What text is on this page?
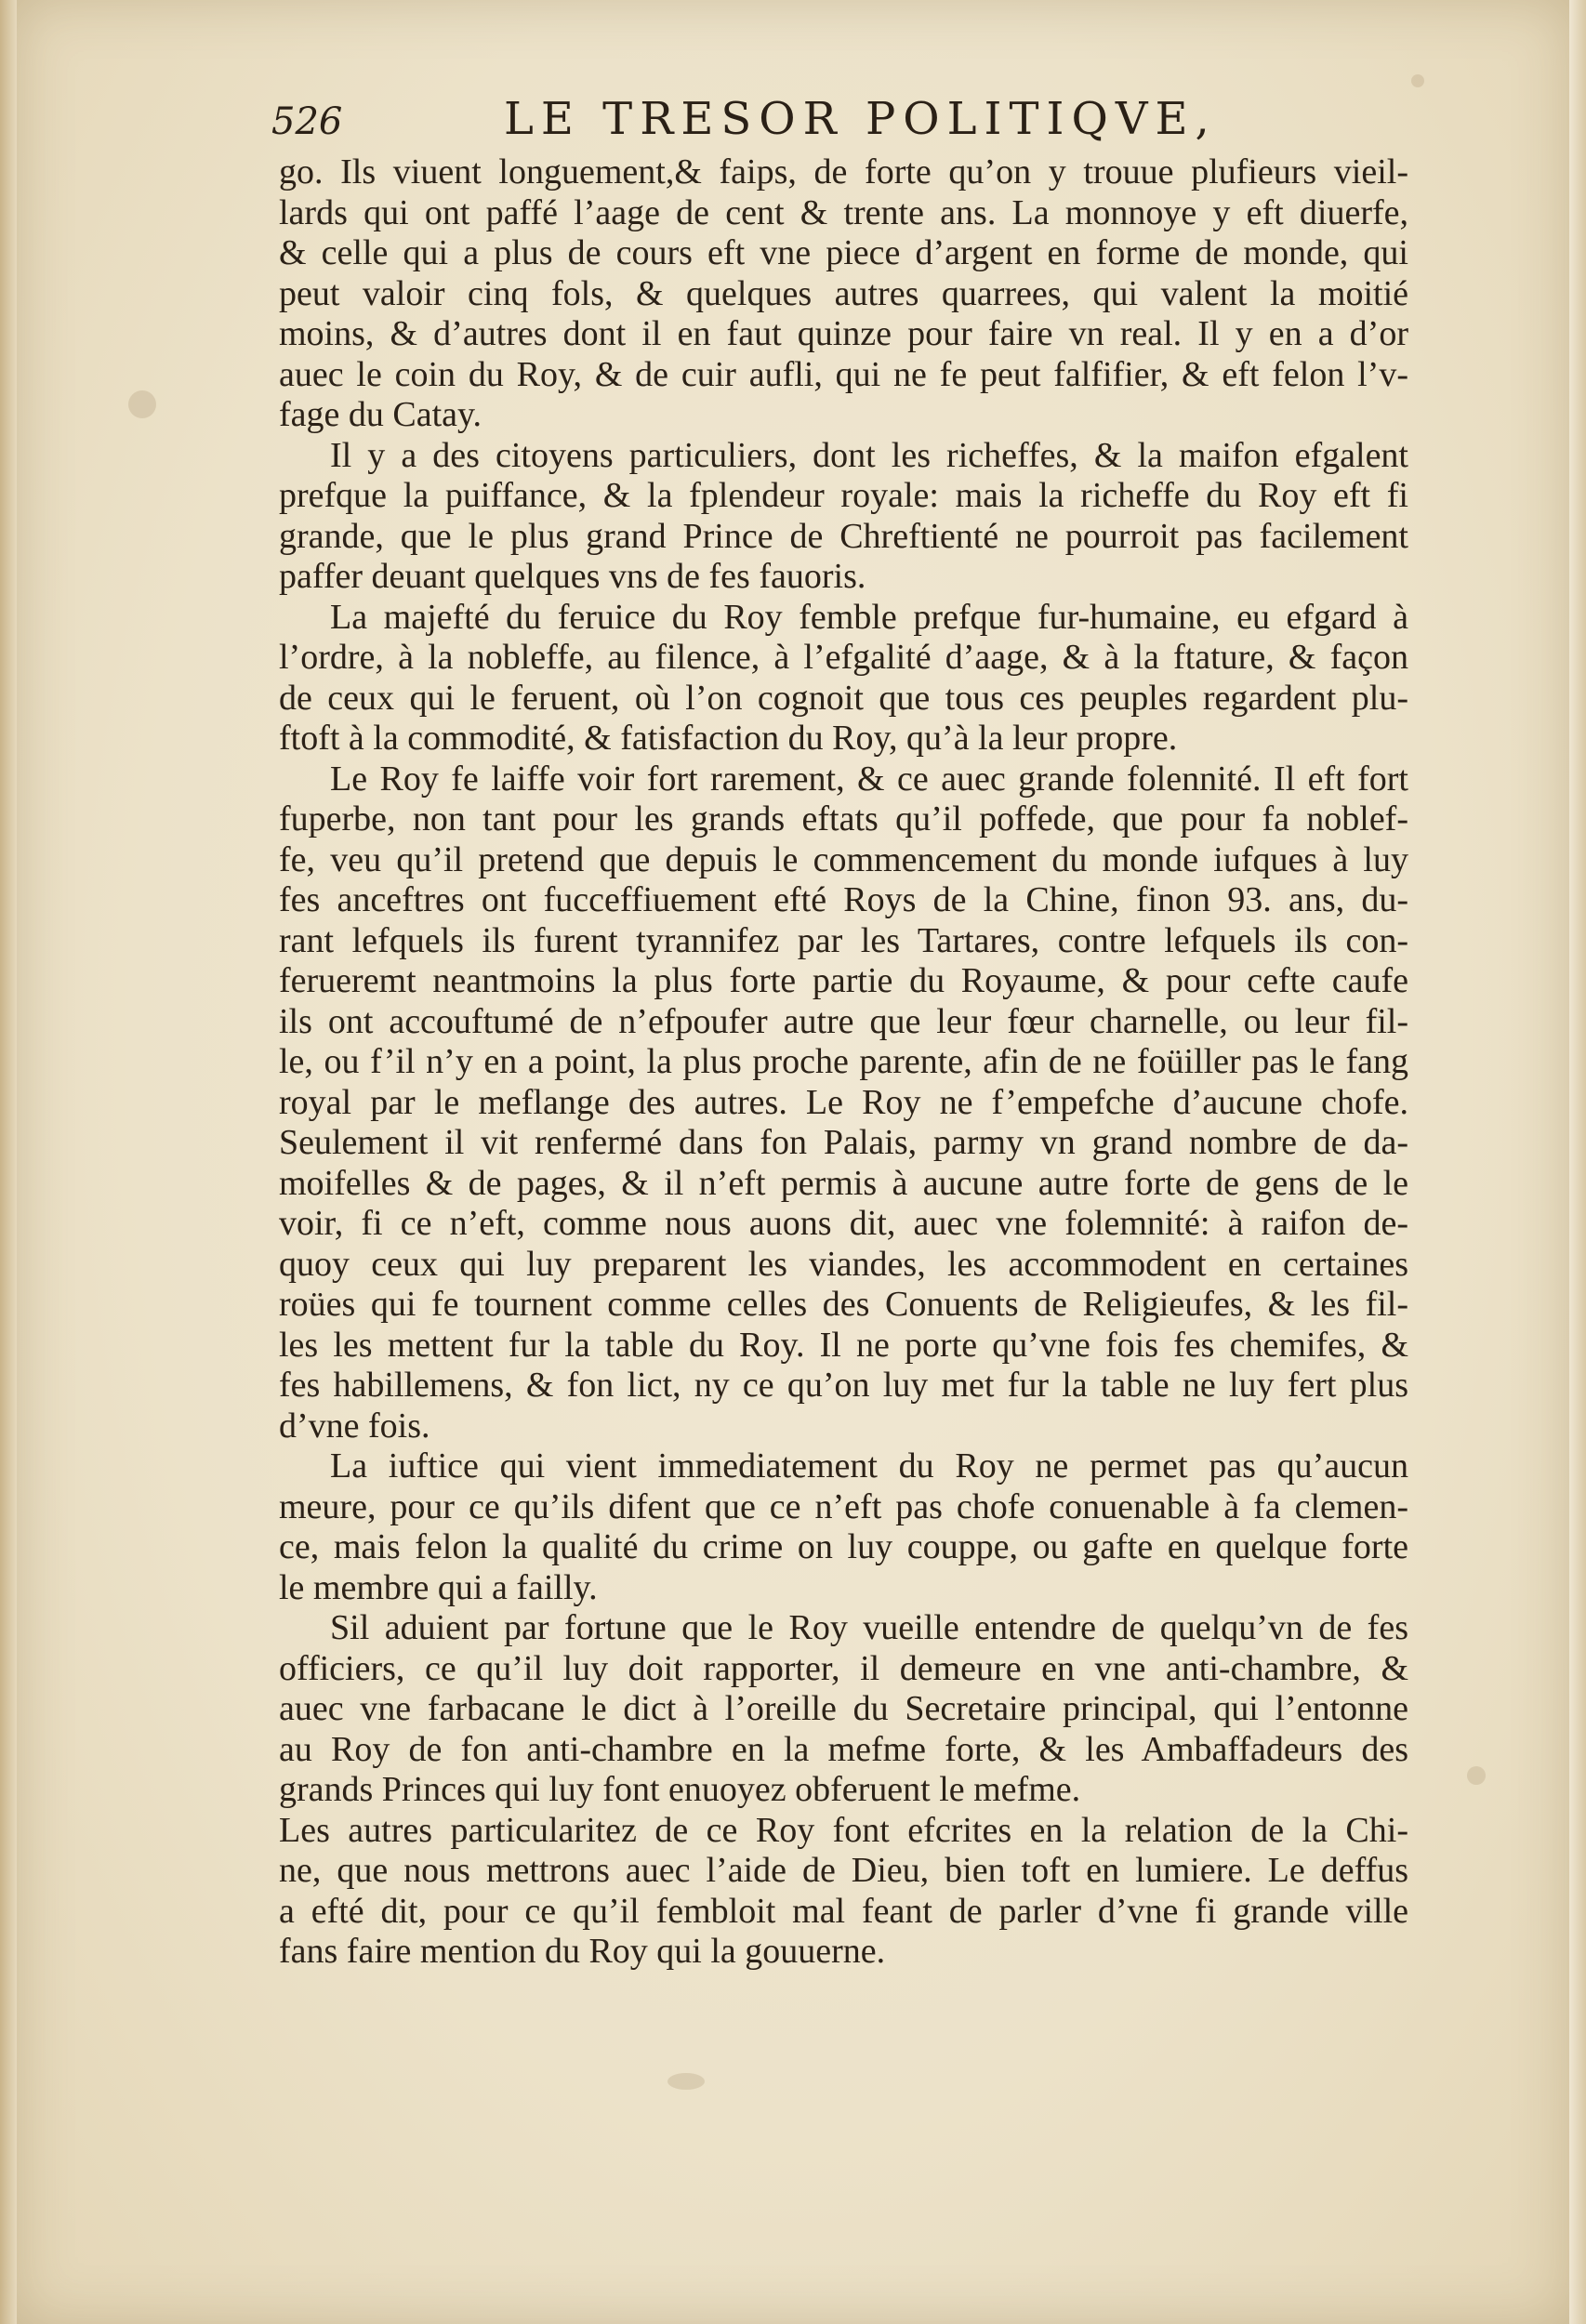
526	LE TRESOR POLITIQVE,
go. Ils viuent longuement,& faips, de forte qu’on y trouue plufieurs vieil-
lards qui ont paffé l’aage de cent & trente ans. La monnoye y eft diuerfe,
& celle qui a plus de cours eft vne piece d’argent en forme de monde, qui
peut valoir cinq fols, & quelques autres quarrees, qui valent la moitié
moins, & d’autres dont il en faut quinze pour faire vn real. Il y en a d’or
auec le coin du Roy, & de cuir aufli, qui ne fe peut falfifier, & eft felon l’v-
fage du Catay.
Il y a des citoyens particuliers, dont les richeffes, & la maifon efgalent
prefque la puiffance, & la fplendeur royale: mais la richeffe du Roy eft fi
grande, que le plus grand Prince de Chreftienté ne pourroit pas facilement
paffer deuant quelques vns de fes fauoris.
La majefté du feruice du Roy femble prefque fur-humaine, eu efgard à
l’ordre, à la nobleffe, au filence, à l’efgalité d’aage, & à la ftature, & façon
de ceux qui le feruent, où l’on cognoit que tous ces peuples regardent plu-
ftoft à la commodité, & fatisfaction du Roy, qu’à la leur propre.
Le Roy fe laiffe voir fort rarement, & ce auec grande folennité. Il eft fort
fuperbe, non tant pour les grands eftats qu’il poffede, que pour fa noblef-
fe, veu qu’il pretend que depuis le commencement du monde iufques à luy
fes anceftres ont fucceffiuement efté Roys de la Chine, finon 93. ans, du-
rant lefquels ils furent tyrannifez par les Tartares, contre lefquels ils con-
ferueremt neantmoins la plus forte partie du Royaume, & pour cefte caufe
ils ont accouftumé de n’efpoufer autre que leur fœur charnelle, ou leur fil-
le, ou f’il n’y en a point, la plus proche parente, afin de ne foüiller pas le fang
royal par le meflange des autres. Le Roy ne f’empefche d’aucune chofe.
Seulement il vit renfermé dans fon Palais, parmy vn grand nombre de da-
moifelles & de pages, & il n’eft permis à aucune autre forte de gens de le
voir, fi ce n’eft, comme nous auons dit, auec vne folemnité: à raifon de-
quoy ceux qui luy preparent les viandes, les accommodent en certaines
roües qui fe tournent comme celles des Conuents de Religieufes, & les fil-
les les mettent fur la table du Roy. Il ne porte qu’vne fois fes chemifes, &
fes habillemens, & fon lict, ny ce qu’on luy met fur la table ne luy fert plus
d’vne fois.
La iuftice qui vient immediatement du Roy ne permet pas qu’aucun
meure, pour ce qu’ils difent que ce n’eft pas chofe conuenable à fa clemen-
ce, mais felon la qualité du crime on luy couppe, ou gafte en quelque forte
le membre qui a failly.
Sil aduient par fortune que le Roy vueille entendre de quelqu’vn de fes
officiers, ce qu’il luy doit rapporter, il demeure en vne anti-chambre, &
auec vne farbacane le dict à l’oreille du Secretaire principal, qui l’entonne
au Roy de fon anti-chambre en la mefme forte, & les Ambaffadeurs des
grands Princes qui luy font enuoyez obferuent le mefme.
Les autres particularitez de ce Roy font efcrites en la relation de la Chi-
ne, que nous mettrons auec l’aide de Dieu, bien toft en lumiere. Le deffus
a efté dit, pour ce qu’il fembloit mal feant de parler d’vne fi grande ville
fans faire mention du Roy qui la gouuerne.
